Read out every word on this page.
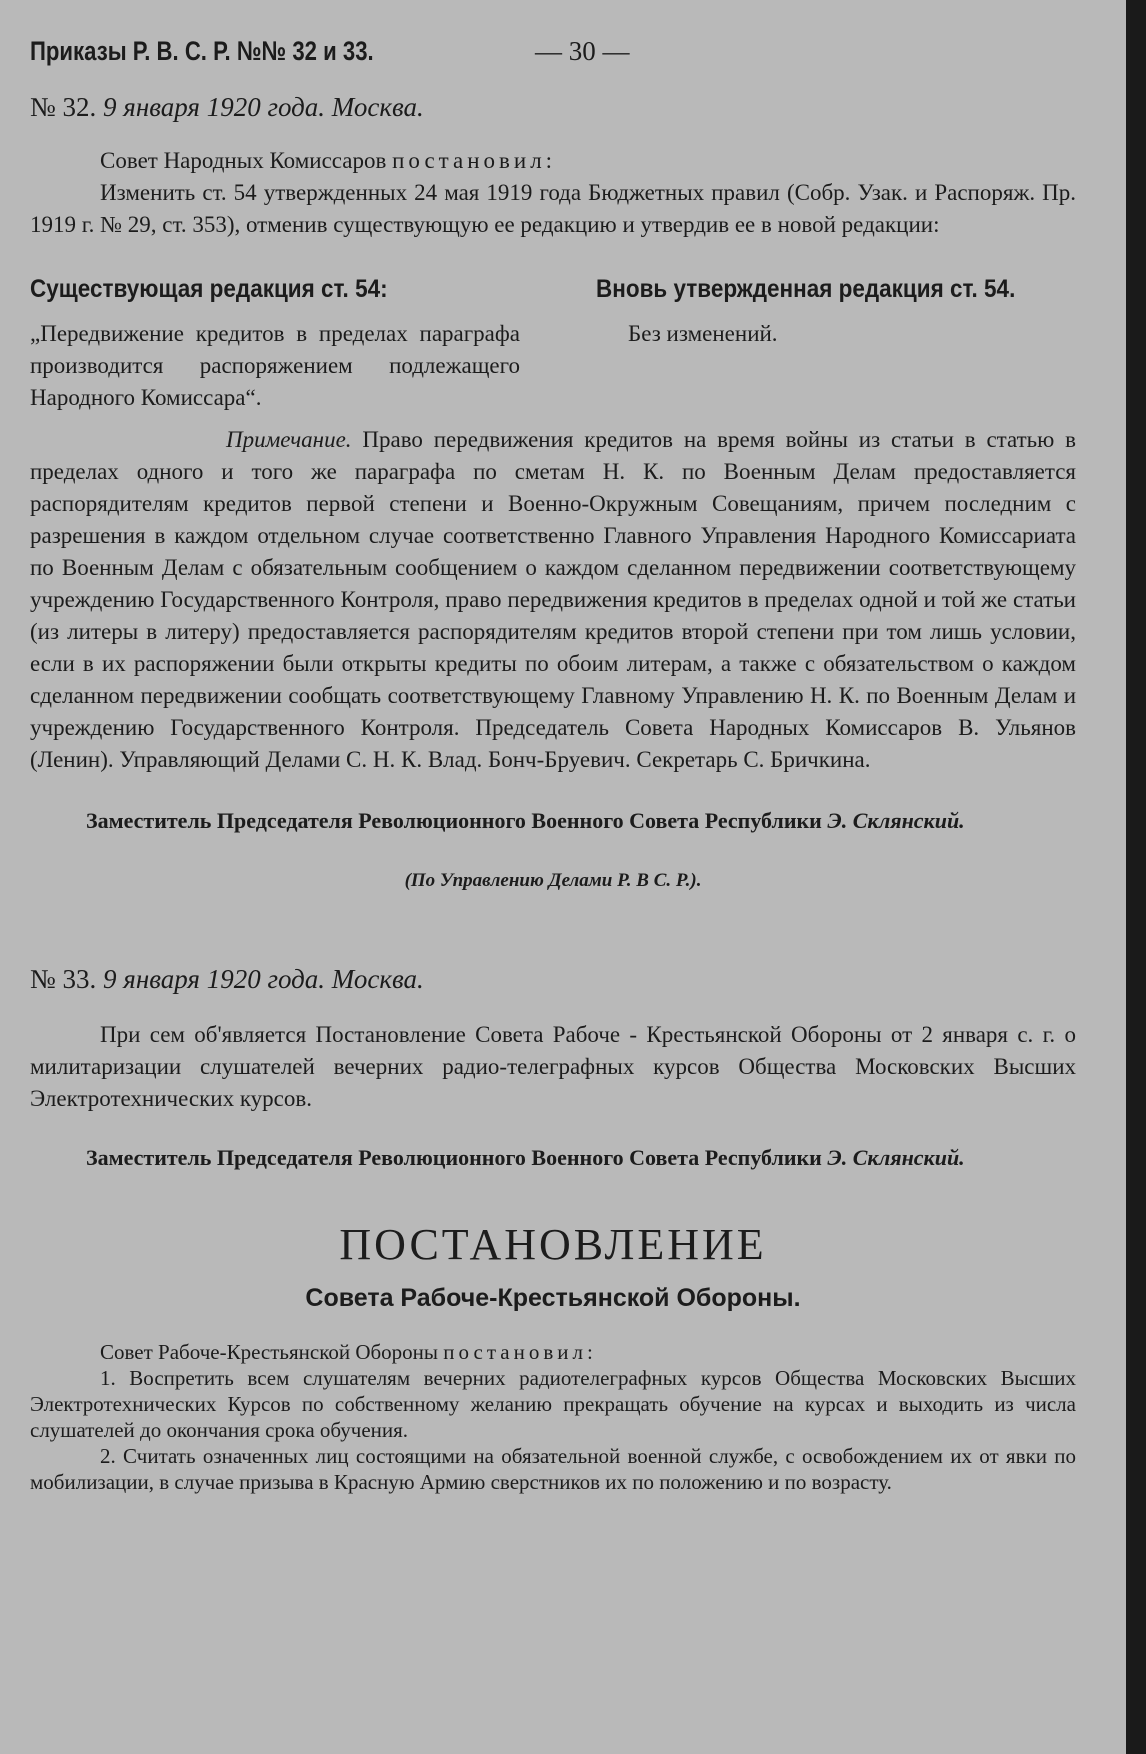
Приказы Р. В. С. Р. №№ 32 и 33.	— 30 —
№ 32. 9 января 1920 года. Москва.

Совет Народных Комиссаров постановил:

Изменить ст. 54 утвержденных 24 мая 1919 года Бюджетных правил (Собр. Узак. и Распоряж. Пр. 1919 г. № 29, ст. 353), отменив существующую ее редакцию и утвердив ее в новой редакции:

Существующая редакция ст. 54:

„Передвижение кредитов в пределах параграфа производится распоряжением подлежащего Народного Комиссара“.

Вновь утвержденная редакция ст. 54.

Без изменений.

Примечание. Право передвижения кредитов на время войны из статьи в статью в пределах одного и того же параграфа по сметам Н. К. по Военным Делам предоставляется распорядителям кредитов первой степени и Военно-Окружным Совещаниям, причем последним с разрешения в каждом отдельном случае соответственно Главного Управления Народного Комиссариата по Военным Делам с обязательным сообщением о каждом сделанном передвижении соответствующему учреждению Государственного Контроля, право передвижения кредитов в пределах одной и той же статьи (из литеры в литеру) предоставляется распорядителям кредитов второй степени при том лишь условии, если в их распоряжении были открыты кредиты по обоим литерам, а также с обязательством о каждом сделанном передвижении сообщать соответствующему Главному Управлению Н. К. по Военным Делам и учреждению Государственного Контроля. Председатель Совета Народных Комиссаров В. Ульянов (Ленин). Управляющий Делами С. Н. К. Влад. Бонч-Бруевич. Секретарь С. Бричкина.

Заместитель Председателя Революционного Военного Совета Республики Э. Склянский.
(По Управлению Делами Р. В С. Р.).
№ 33. 9 января 1920 года. Москва.

При сем об'является Постановление Совета Рабоче - Крестьянской Обороны от 2 января с. г. о милитаризации слушателей вечерних радио-телеграфных курсов Общества Московских Высших Электротехнических курсов.

Заместитель Председателя Революционного Военного Совета Республики Э. Склянский.
ПОСТАНОВЛЕНИЕ
Совета Рабоче-Крестьянской Обороны.

Совет Рабоче-Крестьянской Обороны постановил:

1. Воспретить всем слушателям вечерних радиотелеграфных курсов Общества Московских Высших Электротехнических Курсов по собственному желанию прекращать обучение на курсах и выходить из числа слушателей до окончания срока обучения.

2. Считать означенных лиц состоящими на обязательной военной службе, с освобождением их от явки по мобилизации, в случае призыва в Красную Армию сверстников их по положению и по возрасту.
